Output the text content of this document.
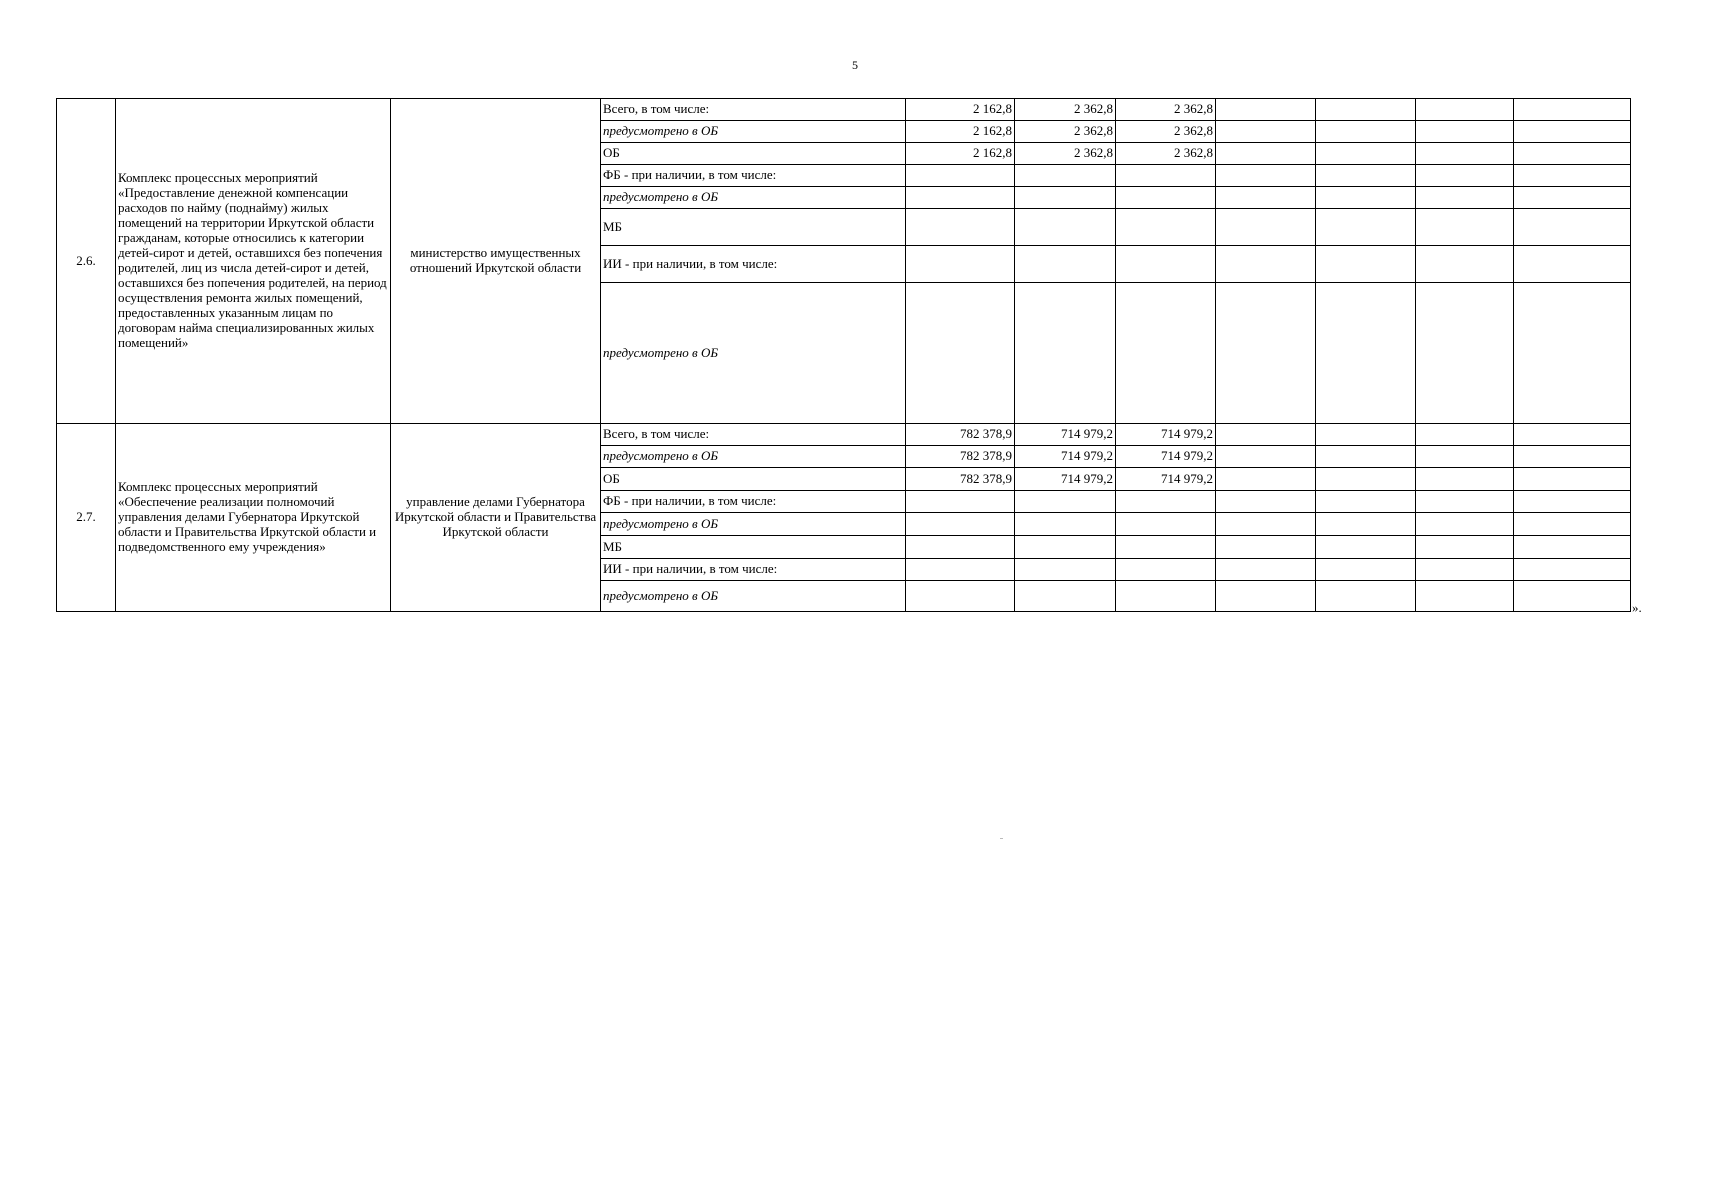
5
2.6.	Комплекс процессных мероприятий «Предоставление денежной компенсации расходов по найму (поднайму) жилых помещений на территории Иркутской области гражданам, которые относились к категории детей-сирот и детей, оставшихся без попечения родителей, лиц из числа детей-сирот и детей, оставшихся без попечения родителей, на период осуществления ремонта жилых помещений, предоставленных указанным лицам по договорам найма специализированных жилых помещений»	министерство имущественных отношений Иркутской области	Всего, в том числе:	2 162,8	2 362,8	2 362,8				
			предусмотрено в ОБ	2 162,8	2 362,8	2 362,8				
			ОБ	2 162,8	2 362,8	2 362,8				
			ФБ - при наличии, в том числе:							
			предусмотрено в ОБ							
			МБ							
			ИИ - при наличии, в том числе:							
			предусмотрено в ОБ							
2.7.	Комплекс процессных мероприятий «Обеспечение реализации полномочий управления делами Губернатора Иркутской области и Правительства Иркутской области и подведомственного ему учреждения»	управление делами Губернатора Иркутской области и Правительства Иркутской области	Всего, в том числе:	782 378,9	714 979,2	714 979,2				
			предусмотрено в ОБ	782 378,9	714 979,2	714 979,2				
			ОБ	782 378,9	714 979,2	714 979,2				
			ФБ - при наличии, в том числе:							
			предусмотрено в ОБ							
			МБ							
			ИИ - при наличии, в том числе:							
			предусмотрено в ОБ							
».
